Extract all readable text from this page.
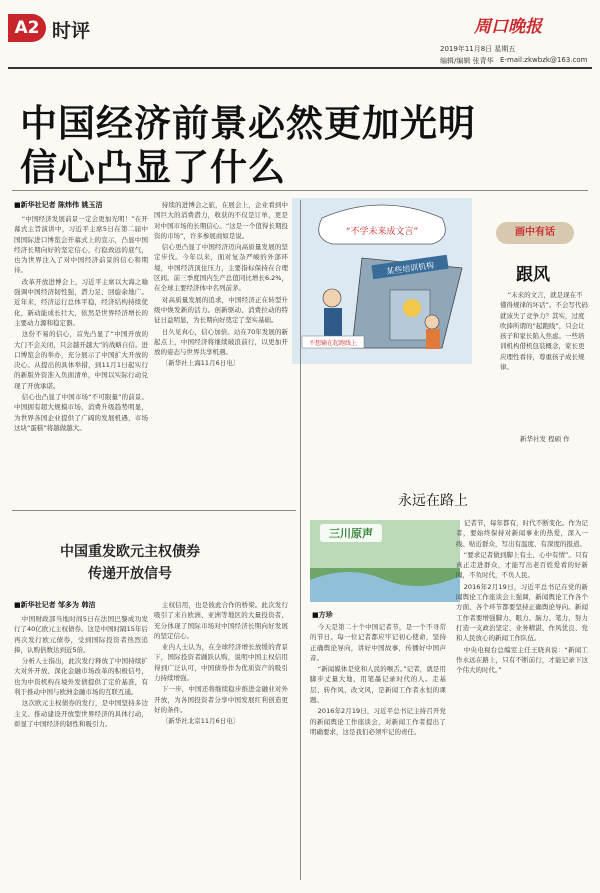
A2 时评	周口晚报
2019年11月8日 星期五
编辑/编辑 张青华 E-mail:zkwbzk@163.com
中国经济前景必然更加光明
信心凸显了什么
■新华社记者 陈炜伟 姚玉洁

“中国经济发展前景一定会更加光明！”在开幕式主旨演讲中，习近平主席5日在第二届中国国际进口博览会开幕式上的宣示，凸显中国经济长期向好的坚定信心，行稳致远的底气，也为世界注入了对中国经济前景的信心和期待。

改革开放进博会上，习近平主席以大海之喻强调中国经济韧性强，潜力足、回旋余地广。近年来，经济运行总体平稳，经济结构持续优化，新动能成长壮大，依然是世界经济增长的主要动力源和稳定器。

这份不易的信心，首先凸显了“中国开放的大门不会关闭，只会越开越大”的战略自信。进口博览会的举办，充分展示了中国扩大开放的决心。从提出的具体举措，到11月1日起实行的新版外资准入负面清单，中国以实际行动兑现了开放承诺。

信心也凸显了中国市场“不可限量”的前景。中国拥有超大规模市场，消费升级趋势明显，为世界各国企业提供了广阔的发展机遇，市场这块“蛋糕”将越做越大。

持续的进博会之旅，在展会上，企业看到中国巨大的消费潜力，收获的不仅是订单，更是对中国市场的长期信心。“这是一个值得长期投资的市场”，许多参展商如是说。

信心更凸显了中国经济迈向高质量发展的坚定步伐。今年以来，面对复杂严峻的外部环境，中国经济顶住压力，主要指标保持在合理区间。前三季度国内生产总值同比增长6.2%，在全球主要经济体中名列前茅。

对高质量发展的追求，中国经济正在转型升级中焕发新的活力。创新驱动、消费拉动的特征日益明显，为长期向好奠定了坚实基础。

日久见真心，信心加倍。站在70年发展的新起点上，中国经济将继续破浪前行，以更加开放的姿态与世界共享机遇。

〔新华社上海11月6日电〕

“不学未来成文言”
某些培训机构
不想输在起跑线上
画中有话
跟风

“未来的文言，就是现在不懂得规律的坏话”。不会写代码就该失了竞争力？其实，过度吹捧所谓的“起跑线”，只会让孩子和家长陷入焦虑。一些培训机构借机包装概念，家长更应理性看待，尊重孩子成长规律。

新华社发 程硕 作
中国重发欧元主权债券
传递开放信号
■新华社记者 邹多为 韩洁

中国财政部当地时间5日在法国巴黎成功发行了40亿欧元主权债券。这是中国时隔15年后再次发行欧元债券，受到国际投资者热烈追捧，认购倍数达到近5倍。

分析人士指出，此次发行释放了中国持续扩大对外开放、深化金融市场改革的积极信号，也为中资机构在境外发债提供了定价基准，有利于推动中国与欧洲金融市场的互联互通。

这次欧元主权债券的发行，是中国坚持多边主义、推动建设开放型世界经济的具体行动，彰显了中国经济的韧性和吸引力。

主权信用，也是彼此合作的桥梁。此次发行吸引了来自欧洲、亚洲等地区的大量投资者，充分体现了国际市场对中国经济长期向好发展的坚定信心。

业内人士认为，在全球经济增长放缓的背景下，国际投资者踊跃认购，说明中国主权信用得到广泛认可，中国债券作为优质资产的吸引力持续增强。

下一步，中国还将继续稳步推进金融业对外开放，为各国投资者分享中国发展红利创造更好的条件。

〔新华社北京11月6日电〕

永远在路上
三川原声
■方珍

今天是第二十个中国记者节，是一个不寻常的节日。每一位记者都应牢记初心使命，坚持正确舆论导向，讲好中国故事，传播好中国声音。

“新闻媒体是党和人民的喉舌。”记者，就是用脚步丈量大地、用笔墨记录时代的人。走基层、转作风、改文风，是新闻工作者永恒的课题。

2016年2月19日，习近平总书记主持召开党的新闻舆论工作座谈会，对新闻工作者提出了明确要求，这是我们必须牢记的责任。

记者节，每年都有，时代不断变化。作为记者，要始终保持对新闻事业的热爱，深入一线、贴近群众，写出有温度、有深度的报道。

“要求记者做到脚上有土、心中有情”。只有真正走进群众，才能写出老百姓爱看的好新闻，不负时代，不负人民。

2016年2月19日，习近平总书记在党的新闻舆论工作座谈会上强调，新闻舆论工作各个方面、各个环节都要坚持正确舆论导向。新闻工作者要增强脚力、眼力、脑力、笔力，努力打造一支政治坚定、业务精湛、作风优良、党和人民放心的新闻工作队伍。

中央电视台总编室主任王晓真说：“新闻工作永远在路上，只有不断前行，才能记录下这个伟大的时代。”
